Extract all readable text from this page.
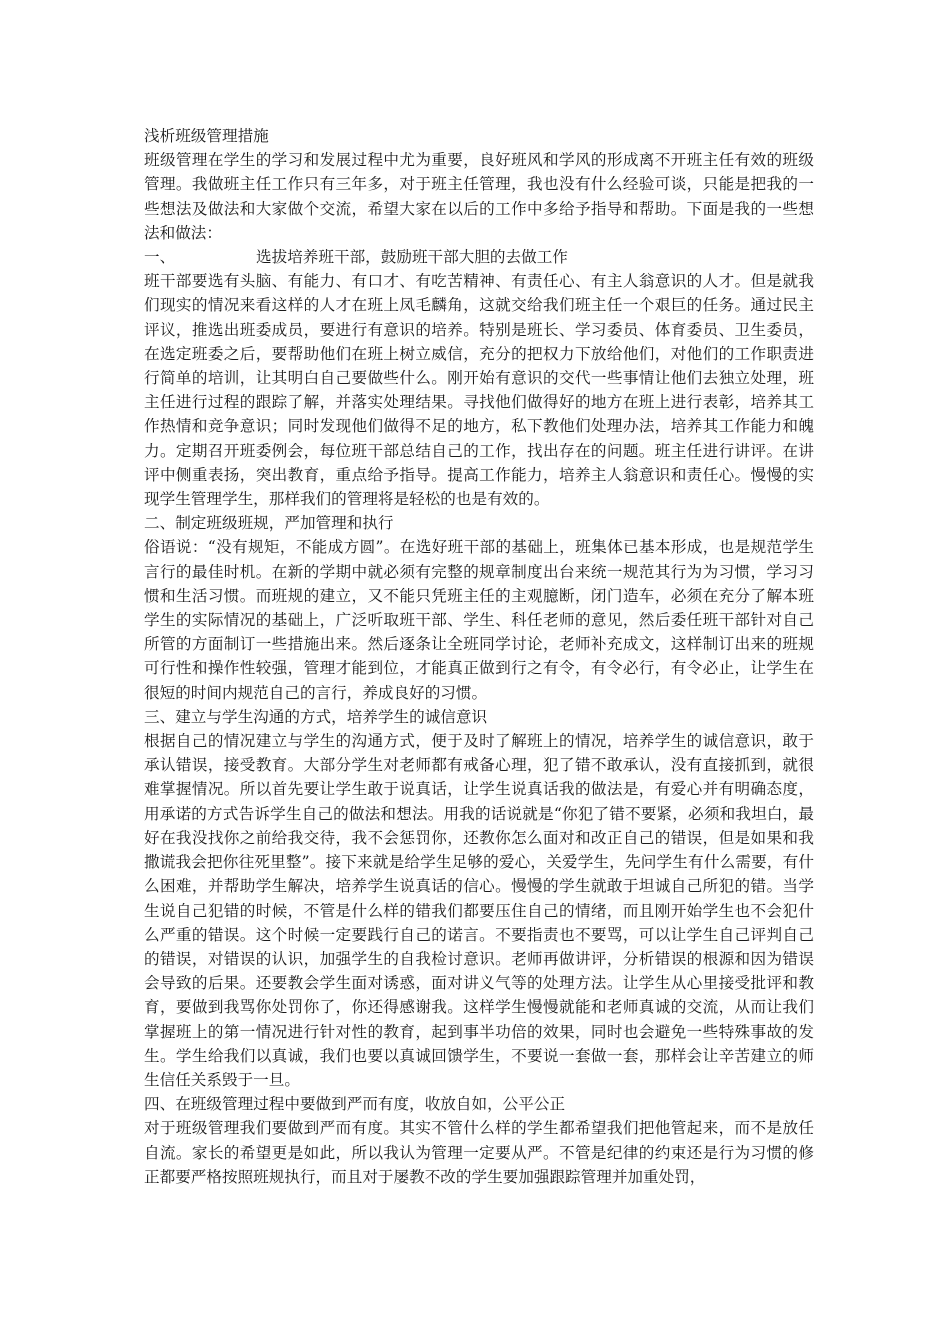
浅析班级管理措施

班级管理在学生的学习和发展过程中尤为重要，良好班风和学风的形成离不开班主任有效的班级管理。我做班主任工作只有三年多，对于班主任管理，我也没有什么经验可谈，只能是把我的一些想法及做法和大家做个交流，希望大家在以后的工作中多给予指导和帮助。下面是我的一些想法和做法：

一、	选拔培养班干部，鼓励班干部大胆的去做工作

班干部要选有头脑、有能力、有口才、有吃苦精神、有责任心、有主人翁意识的人才。但是就我们现实的情况来看这样的人才在班上凤毛麟角，这就交给我们班主任一个艰巨的任务。通过民主评议，推选出班委成员，要进行有意识的培养。特别是班长、学习委员、体育委员、卫生委员，在选定班委之后，要帮助他们在班上树立威信，充分的把权力下放给他们，对他们的工作职责进行简单的培训，让其明白自己要做些什么。刚开始有意识的交代一些事情让他们去独立处理，班主任进行过程的跟踪了解，并落实处理结果。寻找他们做得好的地方在班上进行表彰，培养其工作热情和竞争意识；同时发现他们做得不足的地方，私下教他们处理办法，培养其工作能力和魄力。定期召开班委例会，每位班干部总结自己的工作，找出存在的问题。班主任进行讲评。在讲评中侧重表扬，突出教育，重点给予指导。提高工作能力，培养主人翁意识和责任心。慢慢的实现学生管理学生，那样我们的管理将是轻松的也是有效的。

二、制定班级班规，严加管理和执行

俗语说：“没有规矩，不能成方圆”。在选好班干部的基础上，班集体已基本形成，也是规范学生言行的最佳时机。在新的学期中就必须有完整的规章制度出台来统一规范其行为为习惯，学习习惯和生活习惯。而班规的建立，又不能只凭班主任的主观臆断，闭门造车，必须在充分了解本班学生的实际情况的基础上，广泛听取班干部、学生、科任老师的意见，然后委任班干部针对自己所管的方面制订一些措施出来。然后逐条让全班同学讨论，老师补充成文，这样制订出来的班规可行性和操作性较强，管理才能到位，才能真正做到行之有令，有令必行，有令必止，让学生在很短的时间内规范自己的言行，养成良好的习惯。

三、建立与学生沟通的方式，培养学生的诚信意识

根据自己的情况建立与学生的沟通方式，便于及时了解班上的情况，培养学生的诚信意识，敢于承认错误，接受教育。大部分学生对老师都有戒备心理，犯了错不敢承认，没有直接抓到，就很难掌握情况。所以首先要让学生敢于说真话，让学生说真话我的做法是，有爱心并有明确态度，用承诺的方式告诉学生自己的做法和想法。用我的话说就是“你犯了错不要紧，必须和我坦白，最好在我没找你之前给我交待，我不会惩罚你，还教你怎么面对和改正自己的错误，但是如果和我撒谎我会把你往死里整”。接下来就是给学生足够的爱心，关爱学生，先问学生有什么需要，有什么困难，并帮助学生解决，培养学生说真话的信心。慢慢的学生就敢于坦诚自己所犯的错。当学生说自己犯错的时候，不管是什么样的错我们都要压住自己的情绪，而且刚开始学生也不会犯什么严重的错误。这个时候一定要践行自己的诺言。不要指责也不要骂，可以让学生自己评判自己的错误，对错误的认识，加强学生的自我检讨意识。老师再做讲评，分析错误的根源和因为错误会导致的后果。还要教会学生面对诱惑，面对讲义气等的处理方法。让学生从心里接受批评和教育，要做到我骂你处罚你了，你还得感谢我。这样学生慢慢就能和老师真诚的交流，从而让我们掌握班上的第一情况进行针对性的教育，起到事半功倍的效果，同时也会避免一些特殊事故的发生。学生给我们以真诚，我们也要以真诚回馈学生，不要说一套做一套，那样会让辛苦建立的师生信任关系毁于一旦。

四、在班级管理过程中要做到严而有度，收放自如，公平公正

对于班级管理我们要做到严而有度。其实不管什么样的学生都希望我们把他管起来，而不是放任自流。家长的希望更是如此，所以我认为管理一定要从严。不管是纪律的约束还是行为习惯的修正都要严格按照班规执行，而且对于屡教不改的学生要加强跟踪管理并加重处罚，
